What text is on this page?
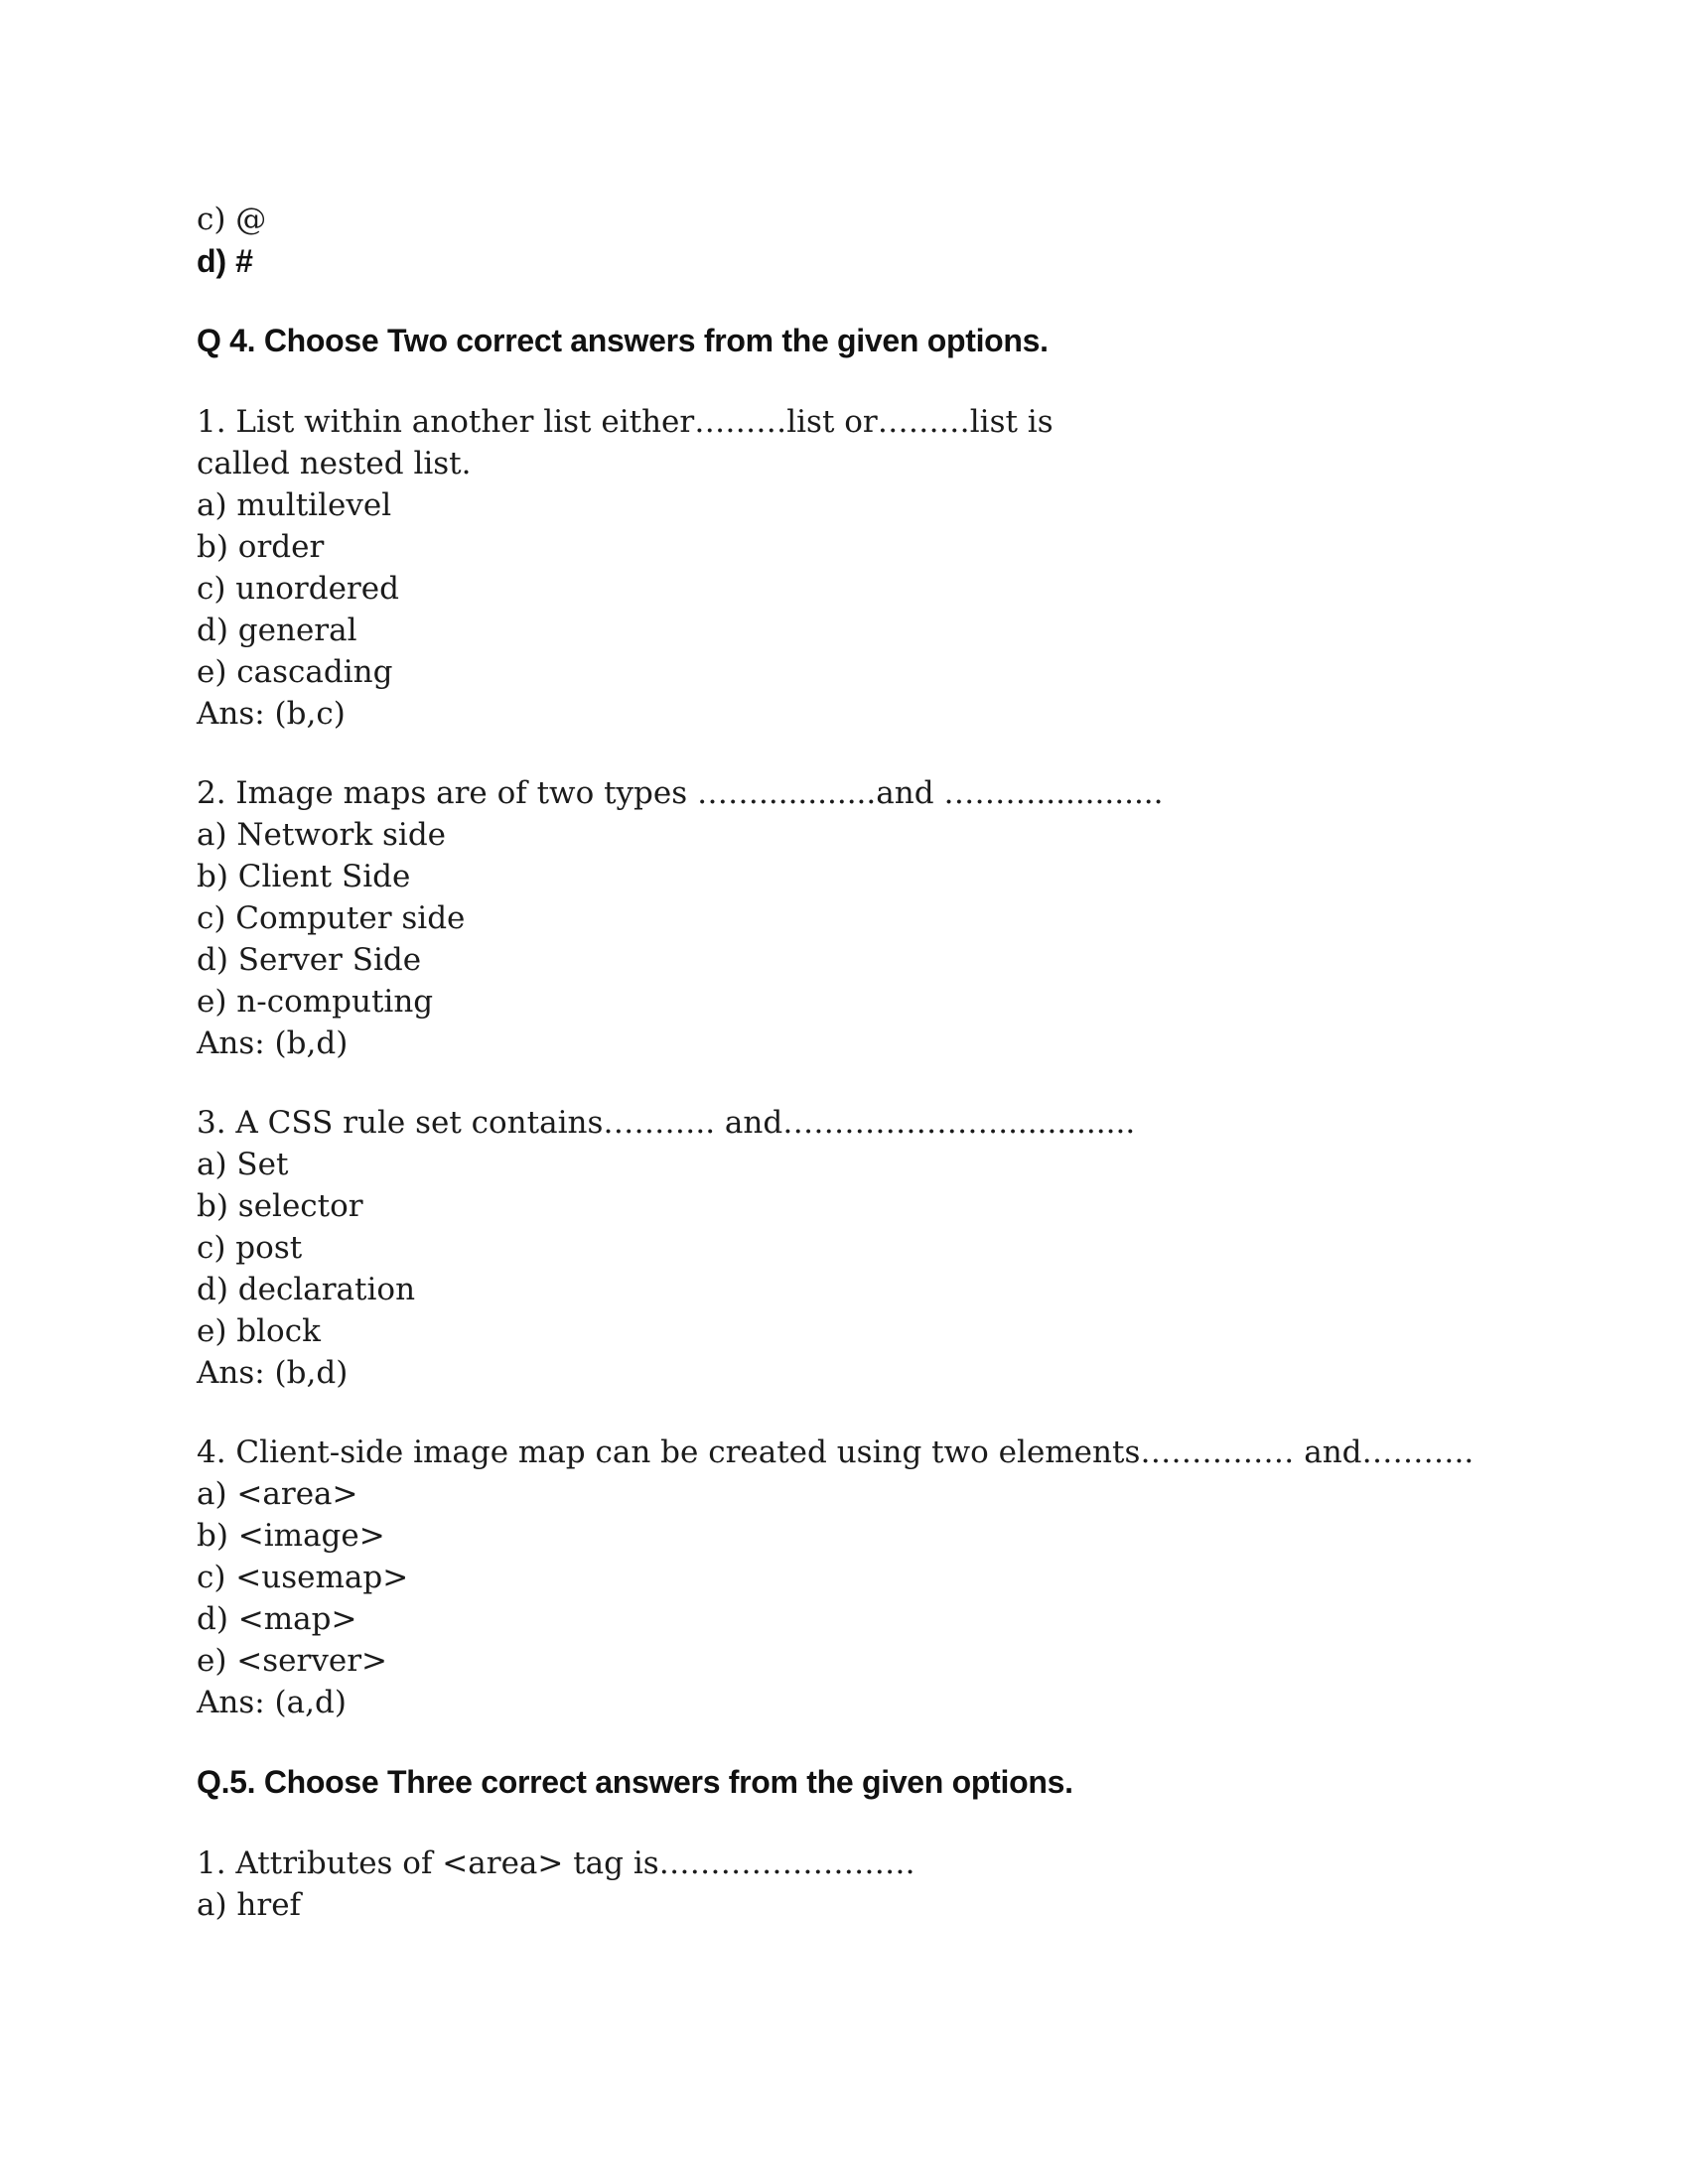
c) @
d) #
Q 4. Choose Two correct answers from the given options.
1. List within another list either………list or………list is
called nested list.
a) multilevel
b) order
c) unordered
d) general
e) cascading
Ans: (b,c)
2. Image maps are of two types ……............and ……….............
a) Network side
b) Client Side
c) Computer side
d) Server Side
e) n-computing
Ans: (b,d)
3. A CSS rule set contains……….. and…………………..............
a) Set
b) selector
c) post
d) declaration
e) block
Ans: (b,d)
4. Client-side image map can be created using two elements…………… and………..
a) <area>
b) <image>
c) <usemap>
d) <map>
e) <server>
Ans: (a,d)
Q.5. Choose Three correct answers from the given options.
1. Attributes of <area> tag is…………………….
a) href
